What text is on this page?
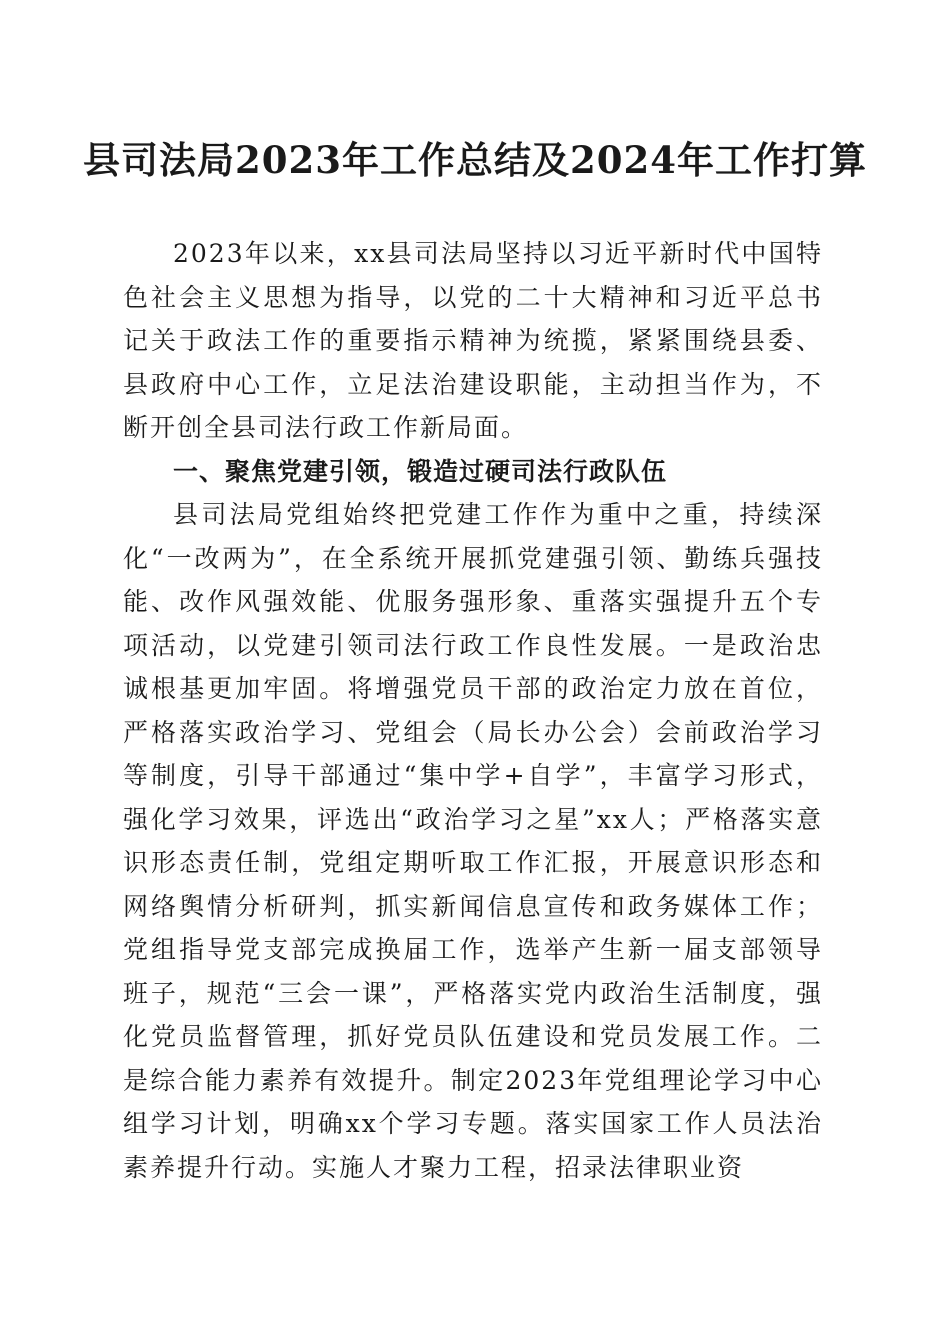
县司法局2023年工作总结及2024年工作打算

2023年以来，xx县司法局坚持以习近平新时代中国特色社会主义思想为指导，以党的二十大精神和习近平总书记关于政法工作的重要指示精神为统揽，紧紧围绕县委、县政府中心工作，立足法治建设职能，主动担当作为，不断开创全县司法行政工作新局面。

一、聚焦党建引领，锻造过硬司法行政队伍

县司法局党组始终把党建工作作为重中之重，持续深化“一改两为”，在全系统开展抓党建强引领、勤练兵强技能、改作风强效能、优服务强形象、重落实强提升五个专项活动，以党建引领司法行政工作良性发展。一是政治忠诚根基更加牢固。将增强党员干部的政治定力放在首位，严格落实政治学习、党组会（局长办公会）会前政治学习等制度，引导干部通过“集中学+自学”，丰富学习形式，强化学习效果，评选出“政治学习之星”xx人；严格落实意识形态责任制，党组定期听取工作汇报，开展意识形态和网络舆情分析研判，抓实新闻信息宣传和政务媒体工作；党组指导党支部完成换届工作，选举产生新一届支部领导班子，规范“三会一课”，严格落实党内政治生活制度，强化党员监督管理，抓好党员队伍建设和党员发展工作。二是综合能力素养有效提升。制定2023年党组理论学习中心组学习计划，明确xx个学习专题。落实国家工作人员法治素养提升行动。实施人才聚力工程，招录法律职业资
